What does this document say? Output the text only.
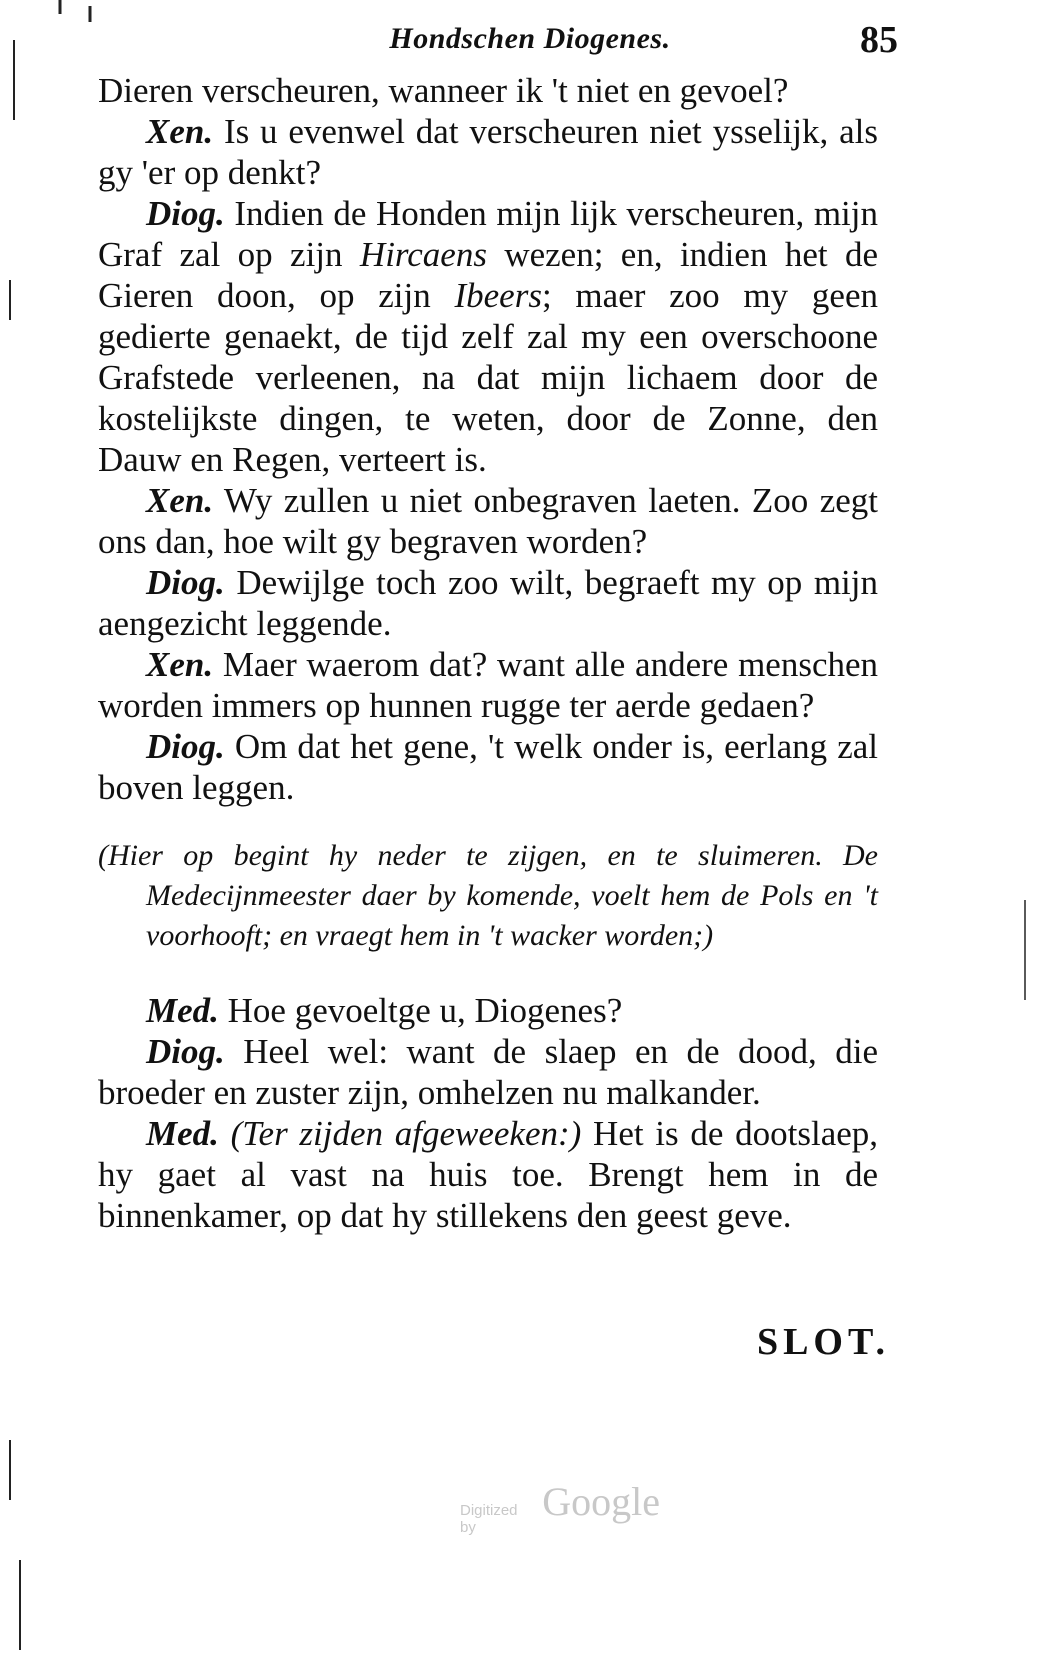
Hondschen Diogenes.	85

Dieren verscheuren, wanneer ik 't niet en gevoel?

Xen. Is u evenwel dat verscheuren niet ysselijk, als gy 'er op denkt?

Diog. Indien de Honden mijn lijk verscheuren, mijn Graf zal op zijn Hircaens wezen; en, indien het de Gieren doon, op zijn Ibeers; maer zoo my geen gedierte genaekt, de tijd zelf zal my een overschoone Grafstede verleenen, na dat mijn lichaem door de kostelijkste dingen, te weten, door de Zonne, den Dauw en Regen, verteert is.

Xen. Wy zullen u niet onbegraven laeten. Zoo zegt ons dan, hoe wilt gy begraven worden?

Diog. Dewijlge toch zoo wilt, begraeft my op mijn aengezicht leggende.

Xen. Maer waerom dat? want alle andere menschen worden immers op hunnen rugge ter aerde gedaen?

Diog. Om dat het gene, 't welk onder is, eerlang zal boven leggen.

(Hier op begint hy neder te zijgen, en te sluimeren. De Medecijnmeester daer by komende, voelt hem de Pols en 't voorhooft; en vraegt hem in 't wacker worden;)

Med. Hoe gevoeltge u, Diogenes?

Diog. Heel wel: want de slaep en de dood, die broeder en zuster zijn, omhelzen nu malkander.

Med. (Ter zijden afgeweeken:) Het is de dootslaep, hy gaet al vast na huis toe. Brengt hem in de binnenkamer, op dat hy stillekens den geest geve.

SLOT.
Digitized by
Google
